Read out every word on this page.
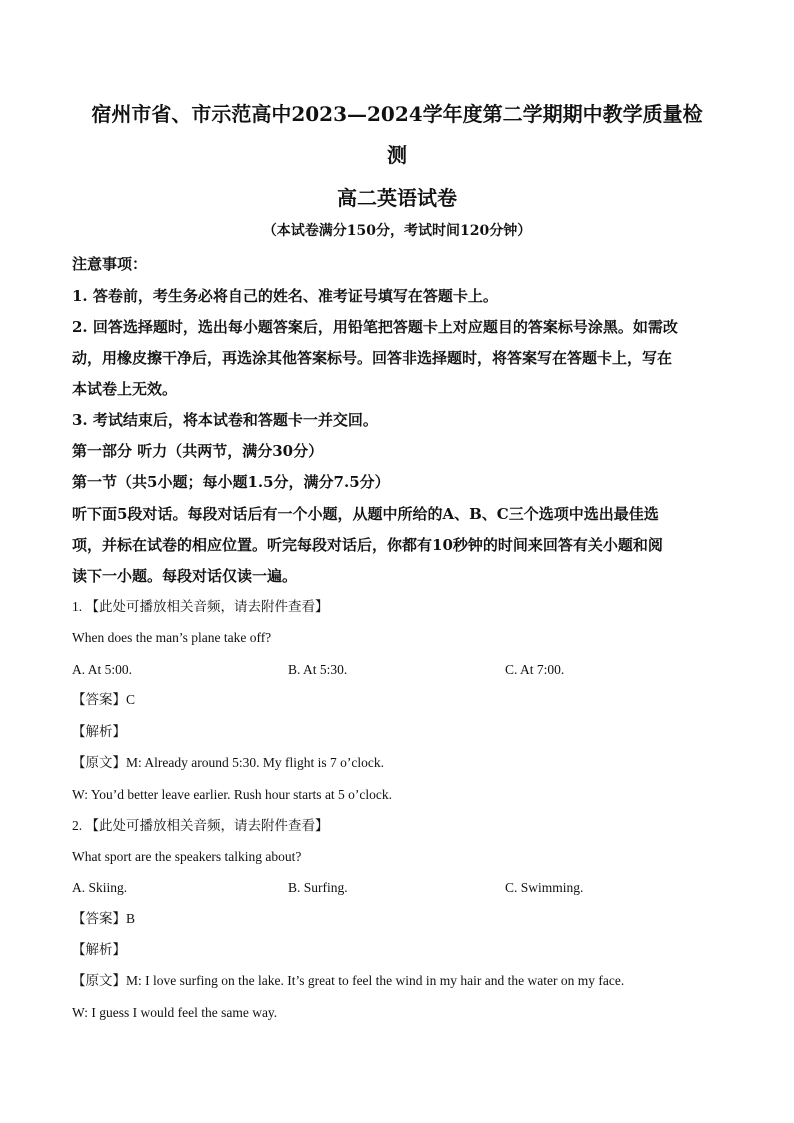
宿州市省、市示范高中2023—2024学年度第二学期期中教学质量检
测
高二英语试卷
（本试卷满分150分，考试时间120分钟）
注意事项：
1. 答卷前，考生务必将自己的姓名、准考证号填写在答题卡上。
2. 回答选择题时，选出每小题答案后，用铅笔把答题卡上对应题目的答案标号涂黑。如需改
动，用橡皮擦干净后，再选涂其他答案标号。回答非选择题时，将答案写在答题卡上，写在
本试卷上无效。
3. 考试结束后，将本试卷和答题卡一并交回。
第一部分 听力（共两节，满分30分）
第一节（共5小题；每小题1.5分，满分7.5分）
听下面5段对话。每段对话后有一个小题，从题中所给的A、B、C三个选项中选出最佳选
项，并标在试卷的相应位置。听完每段对话后，你都有10秒钟的时间来回答有关小题和阅
读下一小题。每段对话仅读一遍。
1. 【此处可播放相关音频，请去附件查看】
When does the man’s plane take off?
A. At 5:00.	B. At 5:30.	C. At 7:00.
【答案】C
【解析】
【原文】M: Already around 5:30. My flight is 7 o’clock.
W: You’d better leave earlier. Rush hour starts at 5 o’clock.
2. 【此处可播放相关音频，请去附件查看】
What sport are the speakers talking about?
A. Skiing.	B. Surfing.	C. Swimming.
【答案】B
【解析】
【原文】M: I love surfing on the lake. It’s great to feel the wind in my hair and the water on my face.
W: I guess I would feel the same way.
